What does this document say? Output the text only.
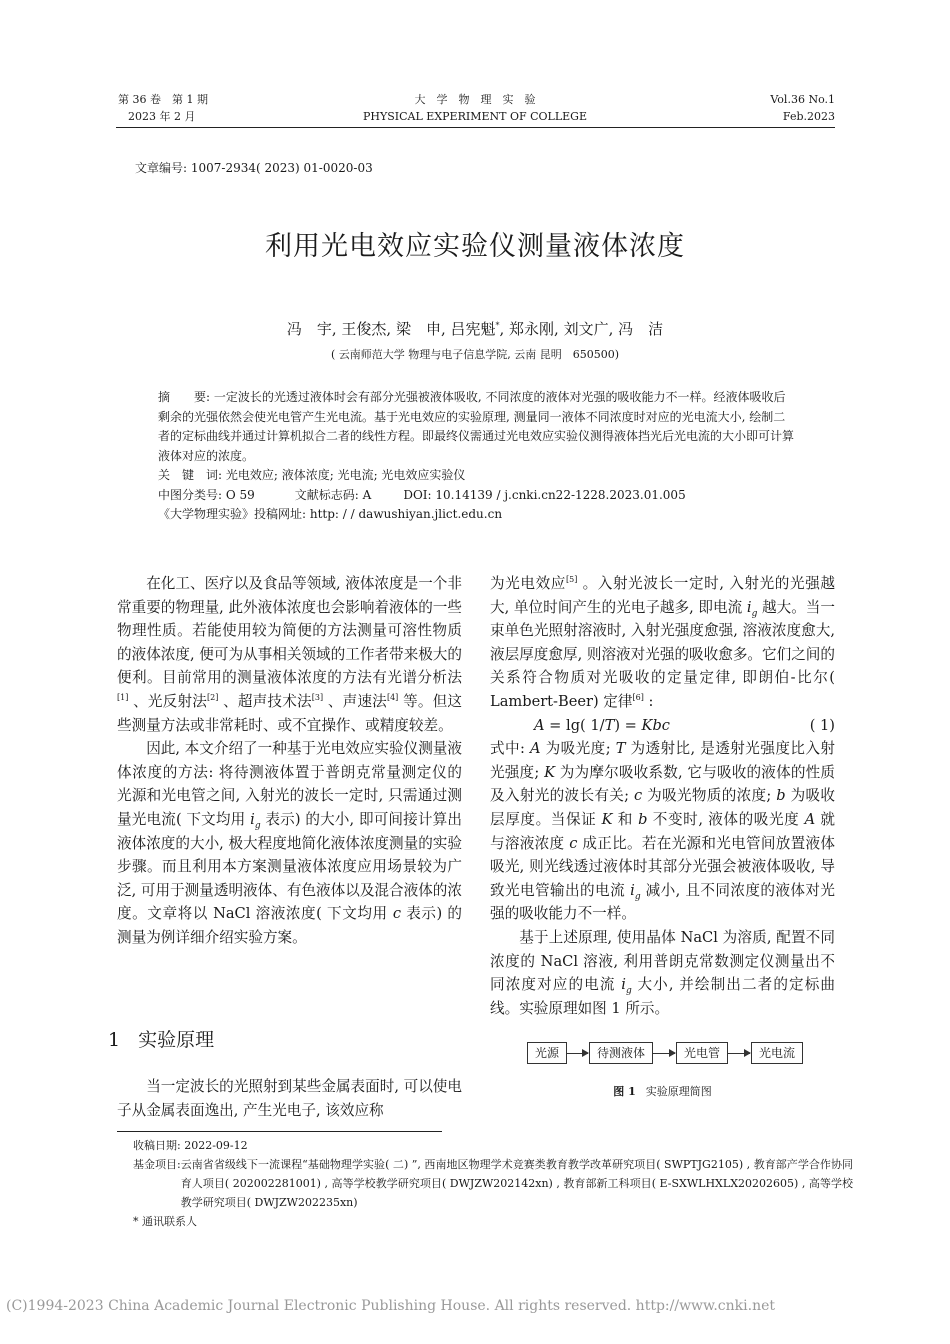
第 36 卷　第 1 期
2023 年 2 月
大　学　物　理　实　验
PHYSICAL EXPERIMENT OF COLLEGE
Vol.36 No.1
Feb.2023
文章编号: 1007-2934( 2023) 01-0020-03
利用光电效应实验仪测量液体浓度
冯　宇, 王俊杰, 梁　申, 吕宪魁*, 郑永刚, 刘文广, 冯　洁
( 云南师范大学 物理与电子信息学院, 云南 昆明　650500)

摘　　要: 一定波长的光透过液体时会有部分光强被液体吸收, 不同浓度的液体对光强的吸收能力不一样。经液体吸收后剩余的光强依然会使光电管产生光电流。基于光电效应的实验原理, 测量同一液体不同浓度时对应的光电流大小, 绘制二者的定标曲线并通过计算机拟合二者的线性方程。即最终仪需通过光电效应实验仪测得液体挡光后光电流的大小即可计算液体对应的浓度。

关　键　词: 光电效应; 液体浓度; 光电流; 光电效应实验仪

中图分类号: O 59	文献标志码: A	DOI: 10.14139 / j.cnki.cn22-1228.2023.01.005

《大学物理实验》投稿网址: http: / / dawushiyan.jlict.edu.cn

在化工、医疗以及食品等领域, 液体浓度是一个非常重要的物理量, 此外液体浓度也会影响着液体的一些物理性质。若能使用较为简便的方法测量可溶性物质的液体浓度, 便可为从事相关领域的工作者带来极大的便利。目前常用的测量液体浓度的方法有光谱分析法[1] 、光反射法[2] 、超声技术法[3] 、声速法[4] 等。但这些测量方法或非常耗时、或不宜操作、或精度较差。

因此, 本文介绍了一种基于光电效应实验仪测量液体浓度的方法: 将待测液体置于普朗克常量测定仪的光源和光电管之间, 入射光的波长一定时, 只需通过测量光电流( 下文均用 $i_g$ 表示) 的大小, 即可间接计算出液体浓度的大小, 极大程度地简化液体浓度测量的实验步骤。而且利用本方案测量液体浓度应用场景较为广泛, 可用于测量透明液体、有色液体以及混合液体的浓度。文章将以 NaCl 溶液浓度( 下文均用 c 表示) 的测量为例详细介绍实验方案。

1 实验原理

当一定波长的光照射到某些金属表面时, 可以使电子从金属表面逸出, 产生光电子, 该效应称

为光电效应[5] 。入射光波长一定时, 入射光的光强越大, 单位时间产生的光电子越多, 即电流 $i_g$ 越大。当一束单色光照射溶液时, 入射光强度愈强, 溶液浓度愈大, 液层厚度愈厚, 则溶液对光强的吸收愈多。它们之间的关系符合物质对光吸收的定量定律, 即朗伯-比尔( Lambert-Beer) 定律[6] :

A = lg( 1/T) = Kbc	( 1)

式中: A 为吸光度; T 为透射比, 是透射光强度比入射光强度; K 为为摩尔吸收系数, 它与吸收的液体的性质及入射光的波长有关; c 为吸光物质的浓度; b 为吸收层厚度。当保证 K 和 b 不变时, 液体的吸光度 A 就与溶液浓度 c 成正比。若在光源和光电管间放置液体吸光, 则光线透过液体时其部分光强会被液体吸收, 导致光电管输出的电流 $i_g$ 减小, 且不同浓度的液体对光强的吸收能力不一样。

基于上述原理, 使用晶体 NaCl 为溶质, 配置不同浓度的 NaCl 溶液, 利用普朗克常数测定仪测量出不同浓度对应的电流 $i_g$ 大小, 并绘制出二者的定标曲线。实验原理如图 1 所示。

光源	待测液体	光电管	光电流
图 1 实验原理简图
收稿日期: 2022-09-12
基金项目: 云南省省级线下一流课程“基础物理学实验( 二) ”, 西南地区物理学术竞赛类教育教学改革研究项目( SWPTJG2105) , 教育部产学合作协同育人项目( 202002281001) , 高等学校教学研究项目( DWJZW202142xn) , 教育部新工科项目( E-SXWLHXLX20202605) , 高等学校教学研究项目( DWJZW202235xn)
* 通讯联系人
(C)1994-2023 China Academic Journal Electronic Publishing House. All rights reserved. http://www.cnki.net
